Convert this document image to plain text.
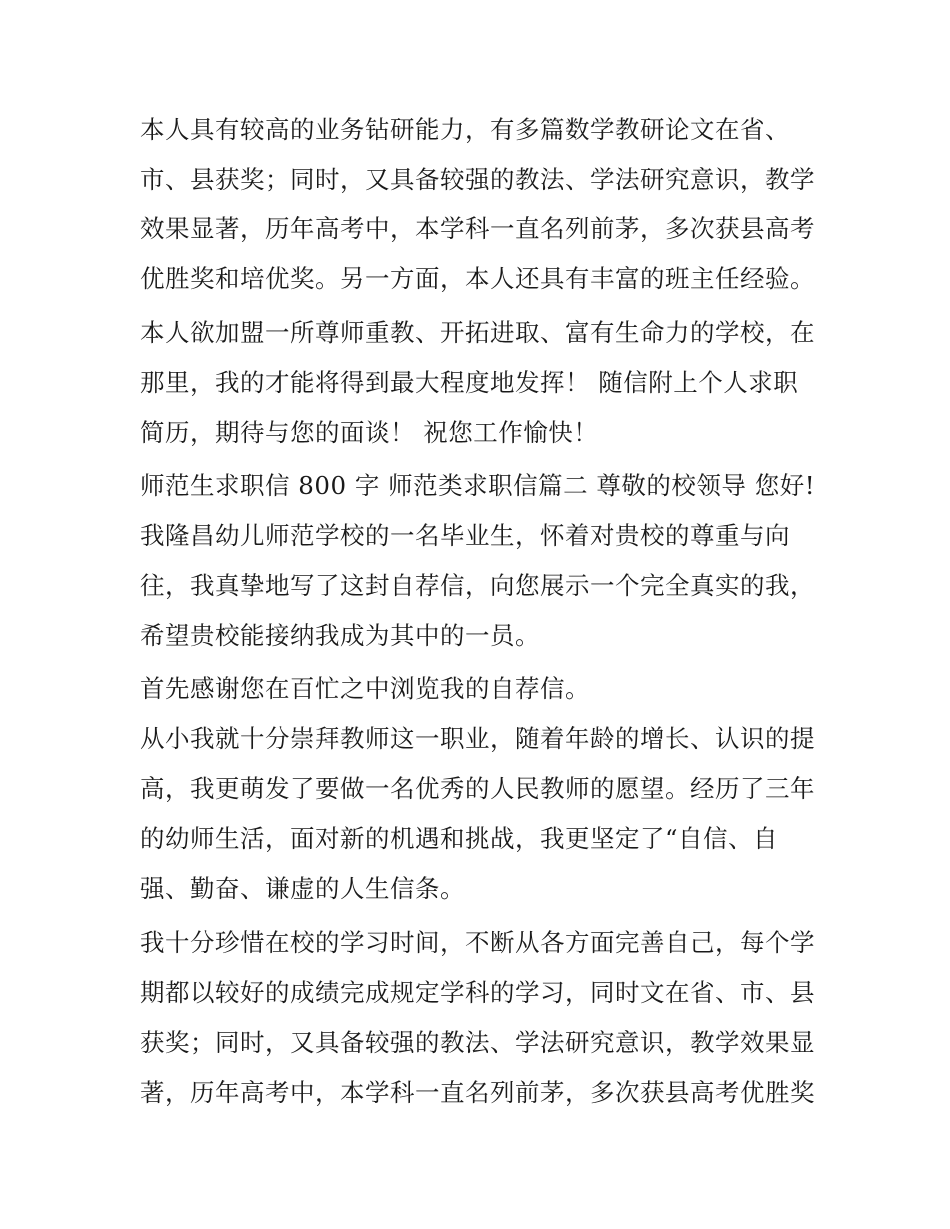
本人具有较高的业务钻研能力，有多篇数学教研论文在省、
市、县获奖；同时，又具备较强的教法、学法研究意识，教学
效果显著，历年高考中，本学科一直名列前茅，多次获县高考
优胜奖和培优奖。另一方面，本人还具有丰富的班主任经验。
本人欲加盟一所尊师重教、开拓进取、富有生命力的学校，在
那里，我的才能将得到最大程度地发挥！ 随信附上个人求职
简历，期待与您的面谈！ 祝您工作愉快！
师范生求职信 800 字 师范类求职信篇二 尊敬的校领导 您好!
我隆昌幼儿师范学校的一名毕业生，怀着对贵校的尊重与向
往，我真挚地写了这封自荐信，向您展示一个完全真实的我，
希望贵校能接纳我成为其中的一员。
首先感谢您在百忙之中浏览我的自荐信。
从小我就十分崇拜教师这一职业，随着年龄的增长、认识的提
高，我更萌发了要做一名优秀的人民教师的愿望。经历了三年
的幼师生活，面对新的机遇和挑战，我更坚定了“自信、自
强、勤奋、谦虚的人生信条。
我十分珍惜在校的学习时间，不断从各方面完善自己，每个学
期都以较好的成绩完成规定学科的学习，同时文在省、市、县
获奖；同时，又具备较强的教法、学法研究意识，教学效果显
著，历年高考中，本学科一直名列前茅，多次获县高考优胜奖
